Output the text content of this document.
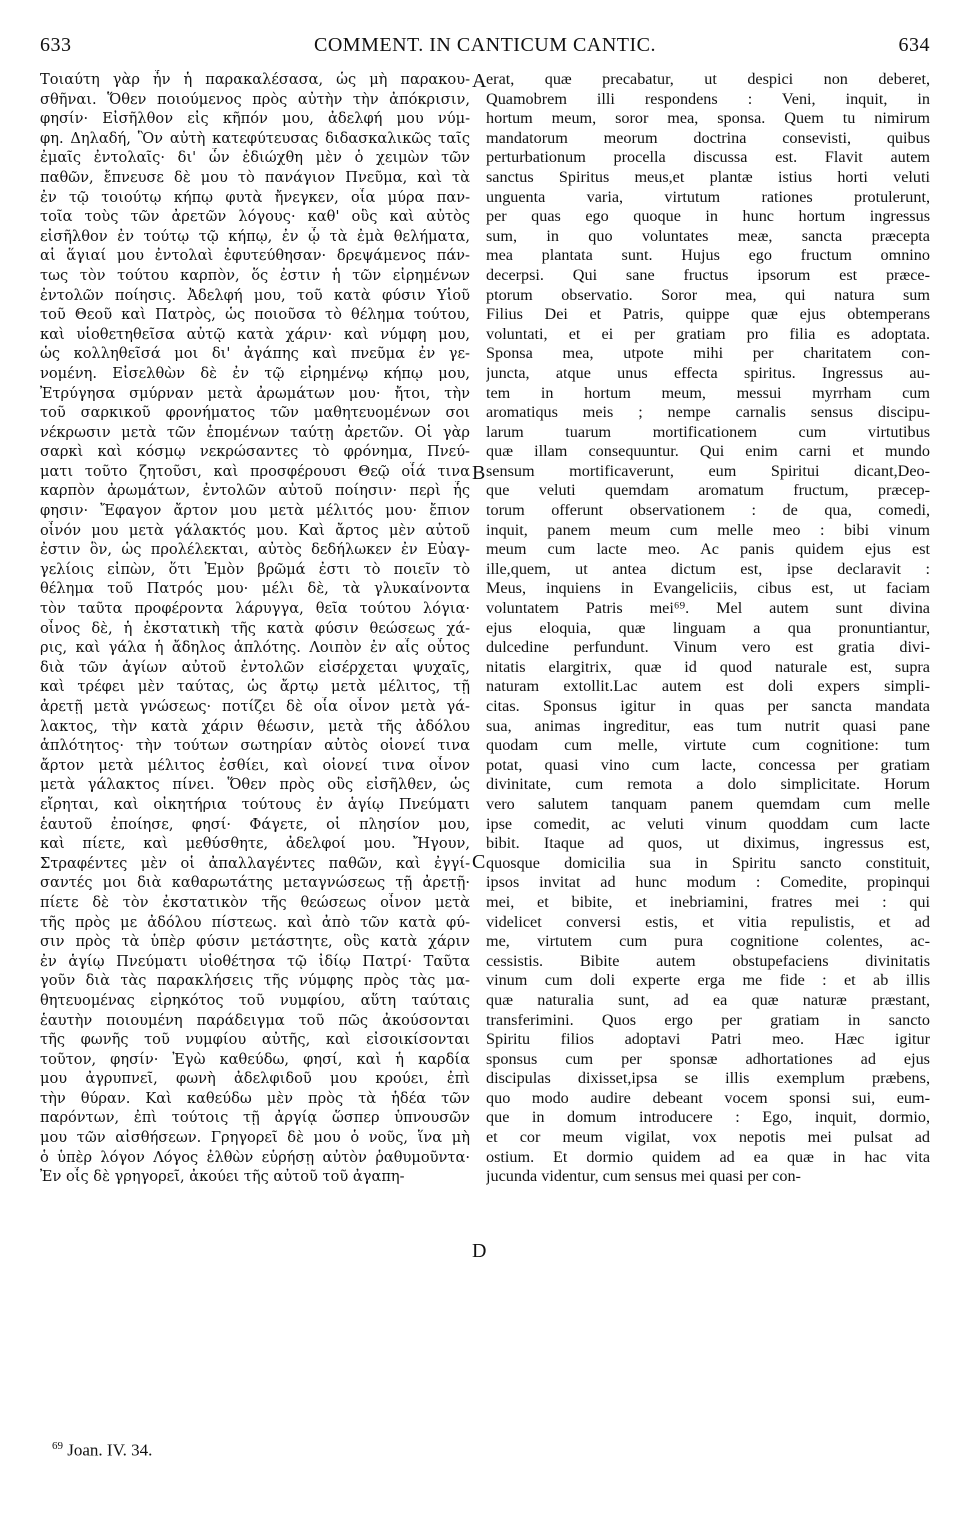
633	COMMENT. IN CANTICUM CANTIC.	634
Τοιαύτη γὰρ ἦν ἡ παρακαλέσασα, ὡς μὴ παρακου-
σθῆναι. Ὅθεν ποιούμενος πρὸς αὐτὴν τὴν ἀπόκρισιν,
φησίν· Εἰσῆλθον εἰς κῆπόν μου, ἀδελφή μου νύμ-
φη. Δηλαδή, Ὃν αὐτὴ κατεφύτευσας διδασκαλικῶς ταῖς
ἐμαῖς ἐντολαῖς· δι' ὧν ἐδιώχθη μὲν ὁ χειμὼν τῶν
παθῶν, ἔπνευσε δὲ μου τὸ πανάγιον Πνεῦμα, καὶ τὰ
ἐν τῷ τοιούτῳ κήπῳ φυτὰ ἤνεγκεν, οἷα μύρα παν-
τοῖα τοὺς τῶν ἀρετῶν λόγους· καθ' οὓς καὶ αὐτὸς
εἰσῆλθον ἐν τούτῳ τῷ κήπῳ, ἐν ᾧ τὰ ἐμὰ θελήματα,
αἱ ἅγιαί μου ἐντολαὶ ἐφυτεύθησαν· δρεψάμενος πάν-
τως τὸν τούτου καρπὸν, ὅς ἐστιν ἡ τῶν εἰρημένων
ἐντολῶν ποίησις. Ἀδελφή μου, τοῦ κατὰ φύσιν Υἱοῦ
τοῦ Θεοῦ καὶ Πατρὸς, ὡς ποιοῦσα τὸ θέλημα τούτου,
καὶ υἱοθετηθεῖσα αὐτῷ κατὰ χάριν· καὶ νύμφη μου,
ὡς κολληθεῖσά μοι δι' ἀγάπης καὶ πνεῦμα ἐν γε-
νομένη. Εἰσελθὼν δὲ ἐν τῷ εἰρημένῳ κήπῳ μου,
Ἐτρύγησα σμύρναν μετὰ ἀρωμάτων μου· ἤτοι, τὴν
τοῦ σαρκικοῦ φρονήματος τῶν μαθητευομένων σοι
νέκρωσιν μετὰ τῶν ἑπομένων ταύτῃ ἀρετῶν. Οἱ γὰρ
σαρκὶ καὶ κόσμῳ νεκρώσαντες τὸ φρόνημα, Πνεύ-
ματι τοῦτο ζητοῦσι, καὶ προσφέρουσι Θεῷ οἷά τινα
καρπὸν ἀρωμάτων, ἐντολῶν αὐτοῦ ποίησιν· περὶ ἧς
φησιν· Ἔφαγον ἄρτον μου μετὰ μέλιτός μου· ἔπιον
οἶνόν μου μετὰ γάλακτός μου. Καὶ ἄρτος μὲν αὐτοῦ
ἐστιν ὃν, ὡς προλέλεκται, αὐτὸς δεδήλωκεν ἐν Εὐαγ-
γελίοις εἰπὼν, ὅτι Ἐμὸν βρῶμά ἐστι τὸ ποιεῖν τὸ
θέλημα τοῦ Πατρός μου· μέλι δὲ, τὰ γλυκαίνοντα
τὸν ταῦτα προφέροντα λάρυγγα, θεῖα τούτου λόγια·
οἶνος δὲ, ἡ ἐκστατικὴ τῆς κατὰ φύσιν θεώσεως χά-
ρις, καὶ γάλα ἡ ἄδηλος ἁπλότης. Λοιπὸν ἐν αἷς οὗτος
διὰ τῶν ἁγίων αὐτοῦ ἐντολῶν εἰσέρχεται ψυχαῖς,
καὶ τρέφει μὲν ταύτας, ὡς ἄρτῳ μετὰ μέλιτος, τῇ
ἀρετῇ μετὰ γνώσεως· ποτίζει δὲ οἷα οἶνον μετὰ γά-
λακτος, τὴν κατὰ χάριν θέωσιν, μετὰ τῆς ἀδόλου
ἁπλότητος· τὴν τούτων σωτηρίαν αὐτὸς οἱονεί τινα
ἄρτον μετὰ μέλιτος ἐσθίει, καὶ οἱονεί τινα οἶνον
μετὰ γάλακτος πίνει. Ὅθεν πρὸς οὓς εἰσῆλθεν, ὡς
εἴρηται, καὶ οἰκητήρια τούτους ἐν ἁγίῳ Πνεύματι
ἑαυτοῦ ἐποίησε, φησί· Φάγετε, οἱ πλησίον μου,
καὶ πίετε, καὶ μεθύσθητε, ἀδελφοί μου. Ἤγουν,
Στραφέντες μὲν οἱ ἀπαλλαγέντες παθῶν, καὶ ἐγγί-
σαντές μοι διὰ καθαρωτάτης μεταγνώσεως τῇ ἀρετῇ·
πίετε δὲ τὸν ἐκστατικὸν τῆς θεώσεως οἶνον μετὰ
τῆς πρὸς με ἀδόλου πίστεως. καὶ ἀπὸ τῶν κατὰ φύ-
σιν πρὸς τὰ ὑπὲρ φύσιν μετάστητε, οὓς κατὰ χάριν
ἐν ἁγίῳ Πνεύματι υἱοθέτησα τῷ ἰδίῳ Πατρί· Ταῦτα
γοῦν διὰ τὰς παρακλήσεις τῆς νύμφης πρὸς τὰς μα-
θητευομένας εἰρηκότος τοῦ νυμφίου, αὕτη ταύταις
ἑαυτὴν ποιουμένη παράδειγμα τοῦ πῶς ἀκούσονται
τῆς φωνῆς τοῦ νυμφίου αὐτῆς, καὶ εἰσοικίσονται
τοῦτον, φησίν· Ἐγὼ καθεύδω, φησί, καὶ ἡ καρδία
μου ἀγρυπνεῖ, φωνὴ ἀδελφιδοῦ μου κρούει, ἐπὶ
τὴν θύραν. Καὶ καθεύδω μὲν πρὸς τὰ ἡδέα τῶν
παρόντων, ἐπὶ τούτοις τῇ ἀργίᾳ ὥσπερ ὑπνουσῶν
μου τῶν αἰσθήσεων. Γρηγορεῖ δὲ μου ὁ νοῦς, ἵνα μὴ
ὁ ὑπὲρ λόγον Λόγος ἐλθὼν εὑρήσῃ αὐτὸν ῥαθυμοῦντα·
Ἐν οἷς δὲ γρηγορεῖ, ἀκούει τῆς αὐτοῦ τοῦ ἀγαπη-
erat, quæ precabatur, ut despici non deberet,
Quamobrem illi respondens : Veni, inquit, in
hortum meum, soror mea, sponsa. Quem tu nimirum
mandatorum meorum doctrina consevisti, quibus
perturbationum procella discussa est. Flavit autem
sanctus Spiritus meus,et plantæ istius horti veluti
unguenta varia, virtutum rationes protulerunt,
per quas ego quoque in hunc hortum ingressus
sum, in quo voluntates meæ, sancta præcepta
mea plantata sunt. Hujus ego fructum omnino
decerpsi. Qui sane fructus ipsorum est præce-
ptorum observatio. Soror mea, qui natura sum
Filius Dei et Patris, quippe quæ ejus obtemperans
voluntati, et ei per gratiam pro filia es adoptata.
Sponsa mea, utpote mihi per charitatem con-
juncta, atque unus effecta spiritus. Ingressus au-
tem in hortum meum, messui myrrham cum
aromatiqus meis ; nempe carnalis sensus discipu-
larum tuarum mortificationem cum virtutibus
quæ illam consequuntur. Qui enim carni et mundo
sensum mortificaverunt, eum Spiritui dicant,Deo-
que veluti quemdam aromatum fructum, præcep-
torum offerunt observationem : de qua, comedi,
inquit, panem meum cum melle meo : bibi vinum
meum cum lacte meo. Ac panis quidem ejus est
ille,quem, ut antea dictum est, ipse declaravit :
Meus, inquiens in Evangeliciis, cibus est, ut faciam
voluntatem Patris mei⁶⁹. Mel autem sunt divina
ejus eloquia, quæ linguam a qua pronuntiantur,
dulcedine perfundunt. Vinum vero est gratia divi-
nitatis elargitrix, quæ id quod naturale est, supra
naturam extollit.Lac autem est doli expers simpli-
citas. Sponsus igitur in quas per sancta mandata
sua, animas ingreditur, eas tum nutrit quasi pane
quodam cum melle, virtute cum cognitione: tum
potat, quasi vino cum lacte, concessa per gratiam
divinitate, cum remota a dolo simplicitate. Horum
vero salutem tanquam panem quemdam cum melle
ipse comedit, ac veluti vinum quoddam cum lacte
bibit. Itaque ad quos, ut diximus, ingressus est,
quosque domicilia sua in Spiritu sancto constituit,
ipsos invitat ad hunc modum : Comedite, propinqui
mei, et bibite, et inebriamini, fratres mei : qui
videlicet conversi estis, et vitia repulistis, et ad
me, virtutem cum pura cognitione colentes, ac-
cessistis. Bibite autem obstupefaciens divinitatis
vinum cum doli experte erga me fide : et ab illis
quæ naturalia sunt, ad ea quæ naturæ præstant,
transferimini. Quos ergo per gratiam in sancto
Spiritu filios adoptavi Patri meo. Hæc igitur
sponsus cum per sponsæ adhortationes ad ejus
discipulas dixisset,ipsa se illis exemplum præbens,
quo modo audire debeant vocem sponsi sui, eum-
que in domum introducere : Ego, inquit, dormio,
et cor meum vigilat, vox nepotis mei pulsat ad
ostium. Et dormio quidem ad ea quæ in hac vita
jucunda videntur, cum sensus mei quasi per con-
A
B
C
D
$^{69}$ Joan. IV. 34.
